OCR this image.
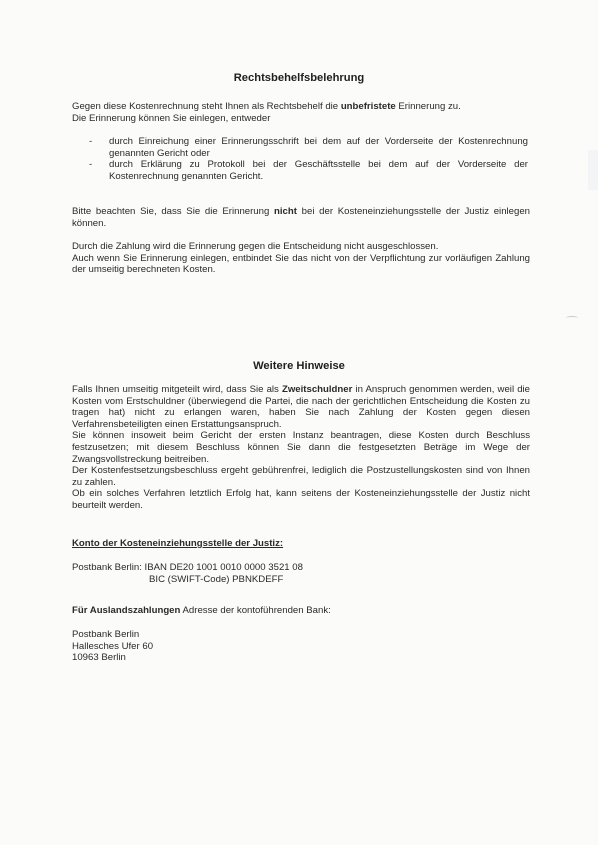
Rechtsbehelfsbelehrung

Gegen diese Kostenrechnung steht Ihnen als Rechtsbehelf die unbefristete Erinnerung zu.

Die Erinnerung können Sie einlegen, entweder

-	durch Einreichung einer Erinnerungsschrift bei dem auf der Vorderseite der Kostenrechnung genannten Gericht oder
-	durch Erklärung zu Protokoll bei der Geschäftsstelle bei dem auf der Vorderseite der Kostenrechnung genannten Gericht.

Bitte beachten Sie, dass Sie die Erinnerung nicht bei der Kosteneinziehungsstelle der Justiz einlegen können.

Durch die Zahlung wird die Erinnerung gegen die Entscheidung nicht ausgeschlossen.

Auch wenn Sie Erinnerung einlegen, entbindet Sie das nicht von der Verpflichtung zur vorläufigen Zahlung der umseitig berechneten Kosten.

Weitere Hinweise

Falls Ihnen umseitig mitgeteilt wird, dass Sie als Zweitschuldner in Anspruch genommen werden, weil die Kosten vom Erstschuldner (überwiegend die Partei, die nach der gerichtlichen Entscheidung die Kosten zu tragen hat) nicht zu erlangen waren, haben Sie nach Zahlung der Kosten gegen diesen Verfahrensbeteiligten einen Erstattungsanspruch.

Sie können insoweit beim Gericht der ersten Instanz beantragen, diese Kosten durch Beschluss festzusetzen; mit diesem Beschluss können Sie dann die festgesetzten Beträge im Wege der Zwangsvollstreckung beitreiben.

Der Kostenfestsetzungsbeschluss ergeht gebührenfrei, lediglich die Postzustellungskosten sind von Ihnen zu zahlen.

Ob ein solches Verfahren letztlich Erfolg hat, kann seitens der Kosteneinziehungsstelle der Justiz nicht beurteilt werden.

Konto der Kosteneinziehungsstelle der Justiz:

Postbank Berlin: IBAN DE20 1001 0010 0000 3521 08

BIC (SWIFT-Code) PBNKDEFF

Für Auslandszahlungen Adresse der kontoführenden Bank:

Postbank Berlin

Hallesches Ufer 60

10963 Berlin
